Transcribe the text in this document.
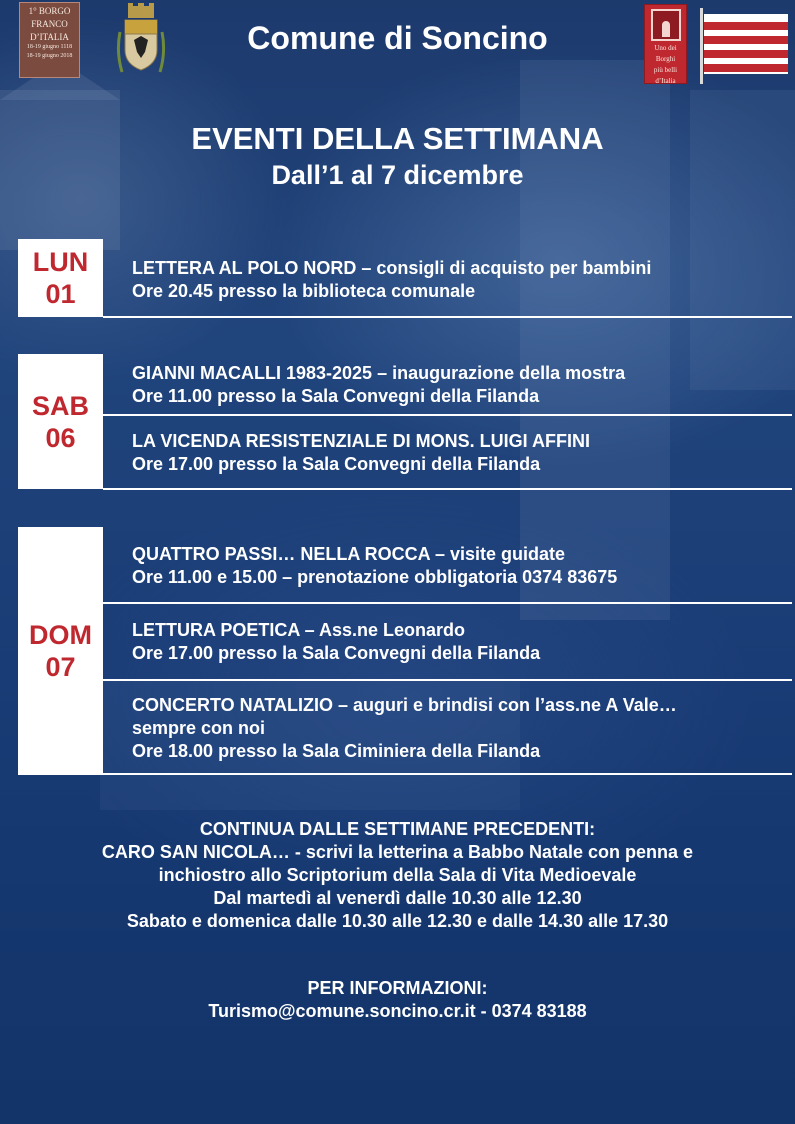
1° BORGO
FRANCO
D’ITALIA
18-19 giugno 1118
18-19 giugno 2018
Uno dei
Borghi
più belli
d’Italia
Comune di Soncino
EVENTI DELLA SETTIMANA
Dall’1 al 7 dicembre
LUN
01
LETTERA AL POLO NORD – consigli di acquisto per bambini
Ore 20.45 presso la biblioteca comunale
SAB
06
GIANNI MACALLI 1983-2025 – inaugurazione della mostra
Ore 11.00 presso la Sala Convegni della Filanda
LA VICENDA RESISTENZIALE DI MONS. LUIGI AFFINI
Ore 17.00 presso la Sala Convegni della Filanda
DOM
07
QUATTRO PASSI… NELLA ROCCA – visite guidate
Ore 11.00 e 15.00 – prenotazione obbligatoria 0374 83675
LETTURA POETICA – Ass.ne Leonardo
Ore 17.00 presso la Sala Convegni della Filanda
CONCERTO NATALIZIO – auguri e brindisi con l’ass.ne A Vale…
sempre con noi
Ore 18.00 presso la Sala Ciminiera della Filanda
CONTINUA DALLE SETTIMANE PRECEDENTI:
CARO SAN NICOLA… - scrivi la letterina a Babbo Natale con penna e
inchiostro allo Scriptorium della Sala di Vita Medioevale
Dal martedì al venerdì dalle 10.30 alle 12.30
Sabato e domenica dalle 10.30 alle 12.30 e dalle 14.30 alle 17.30
PER INFORMAZIONI:
Turismo@comune.soncino.cr.it - 0374 83188
